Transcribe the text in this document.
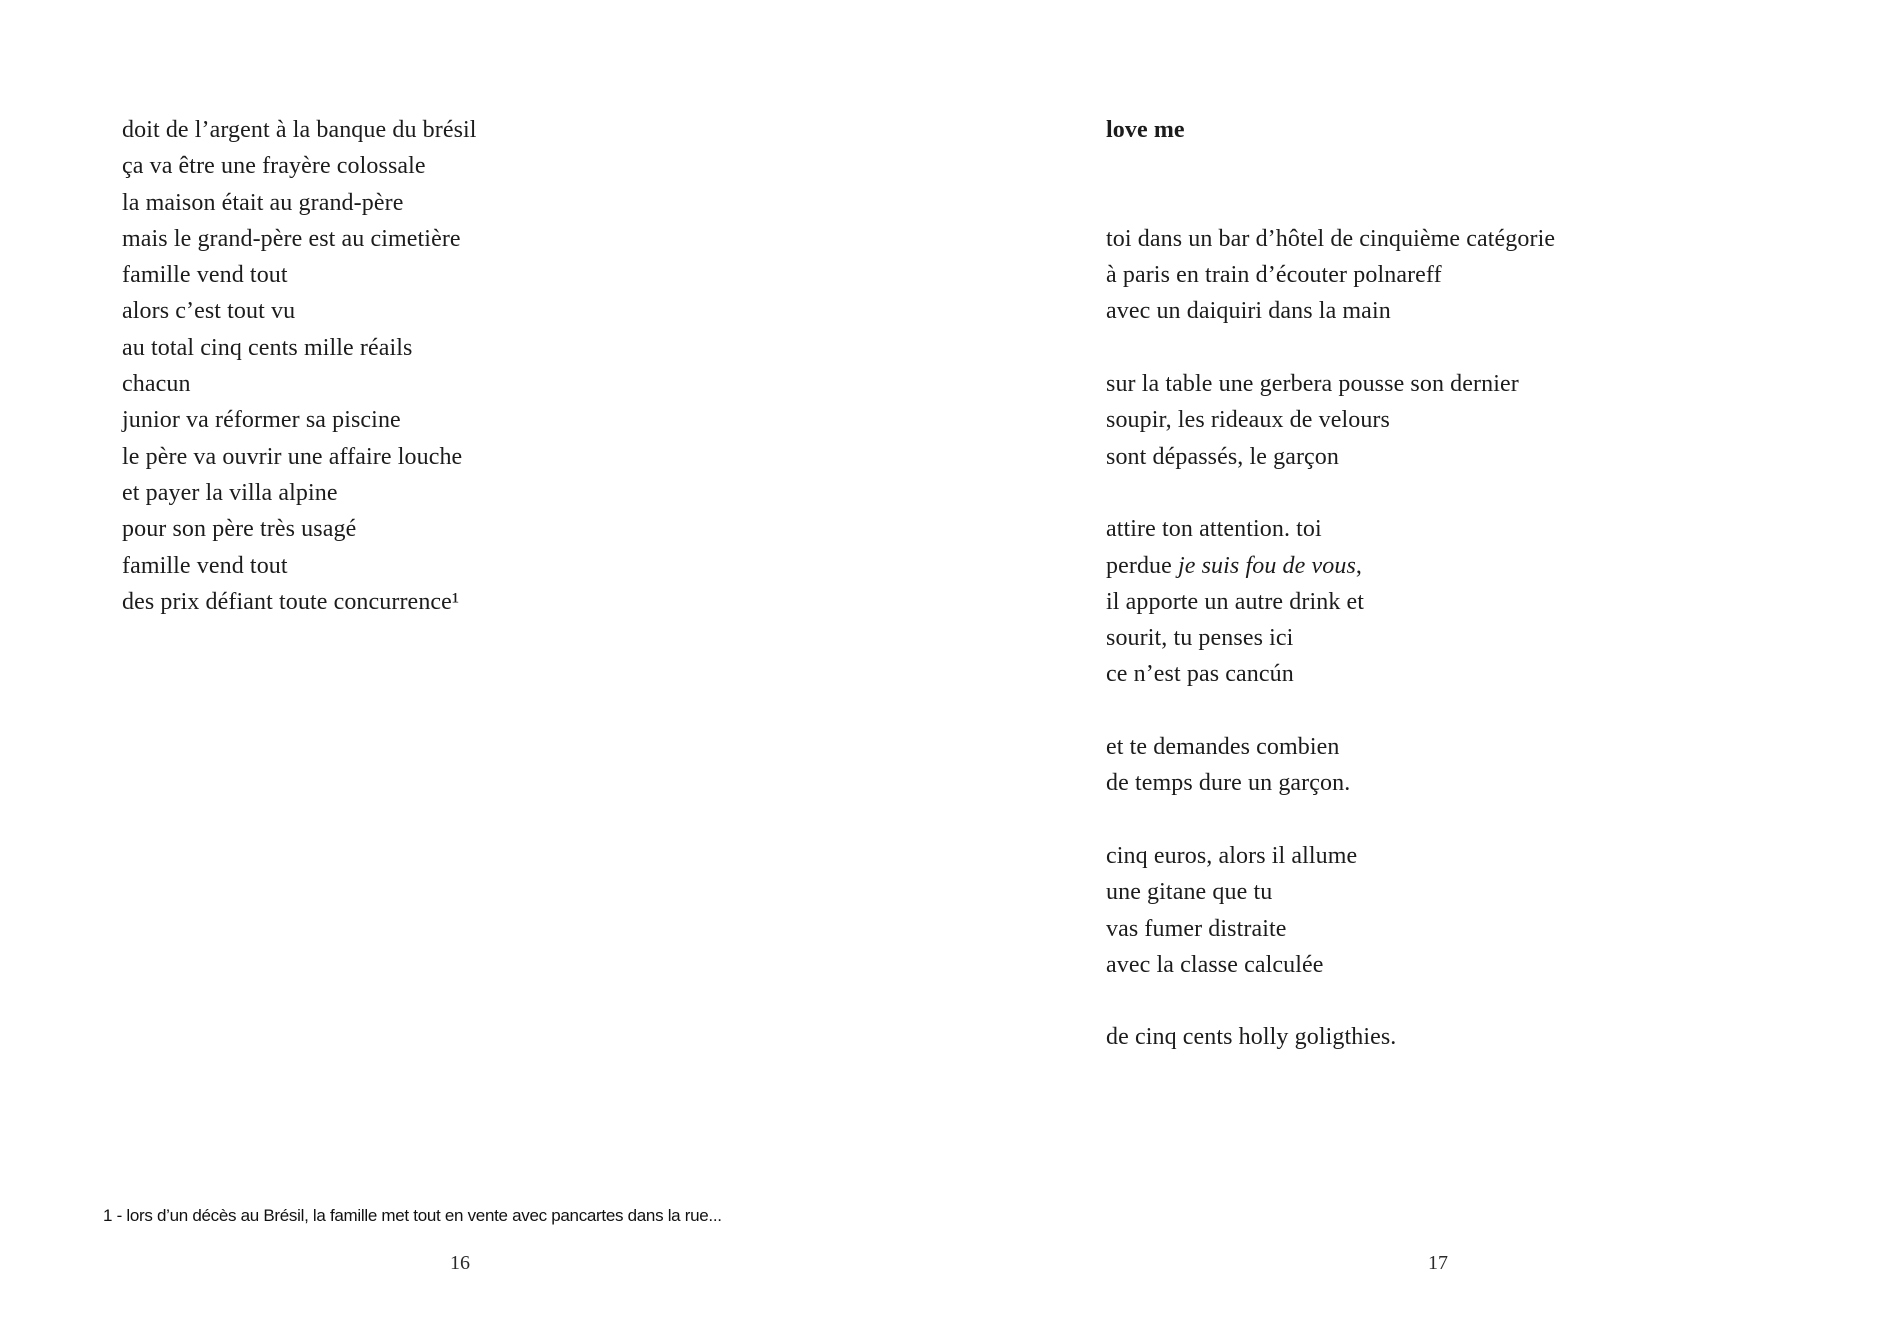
doit de l’argent à la banque du brésil
ça va être une frayère colossale
la maison était au grand-père
mais le grand-père est au cimetière
famille vend tout
alors c’est tout vu
au total cinq cents mille réails
chacun
junior va réformer sa piscine
le père va ouvrir une affaire louche
et payer la villa alpine
pour son père très usagé
famille vend tout
des prix défiant toute concurrence¹
1 - lors d’un décès au Brésil, la famille met tout en vente avec pancartes dans la rue...
16
love me
toi dans un bar d’hôtel de cinquième catégorie
à paris en train d’écouter polnareff
avec un daiquiri dans la main
sur la table une gerbera pousse son dernier
soupir, les rideaux de velours
sont dépassés, le garçon
attire ton attention. toi
perdue je suis fou de vous,
il apporte un autre drink et
sourit, tu penses ici
ce n’est pas cancún
et te demandes combien
de temps dure un garçon.
cinq euros, alors il allume
une gitane que tu
vas fumer distraite
avec la classe calculée
de cinq cents holly goligthies.
17
